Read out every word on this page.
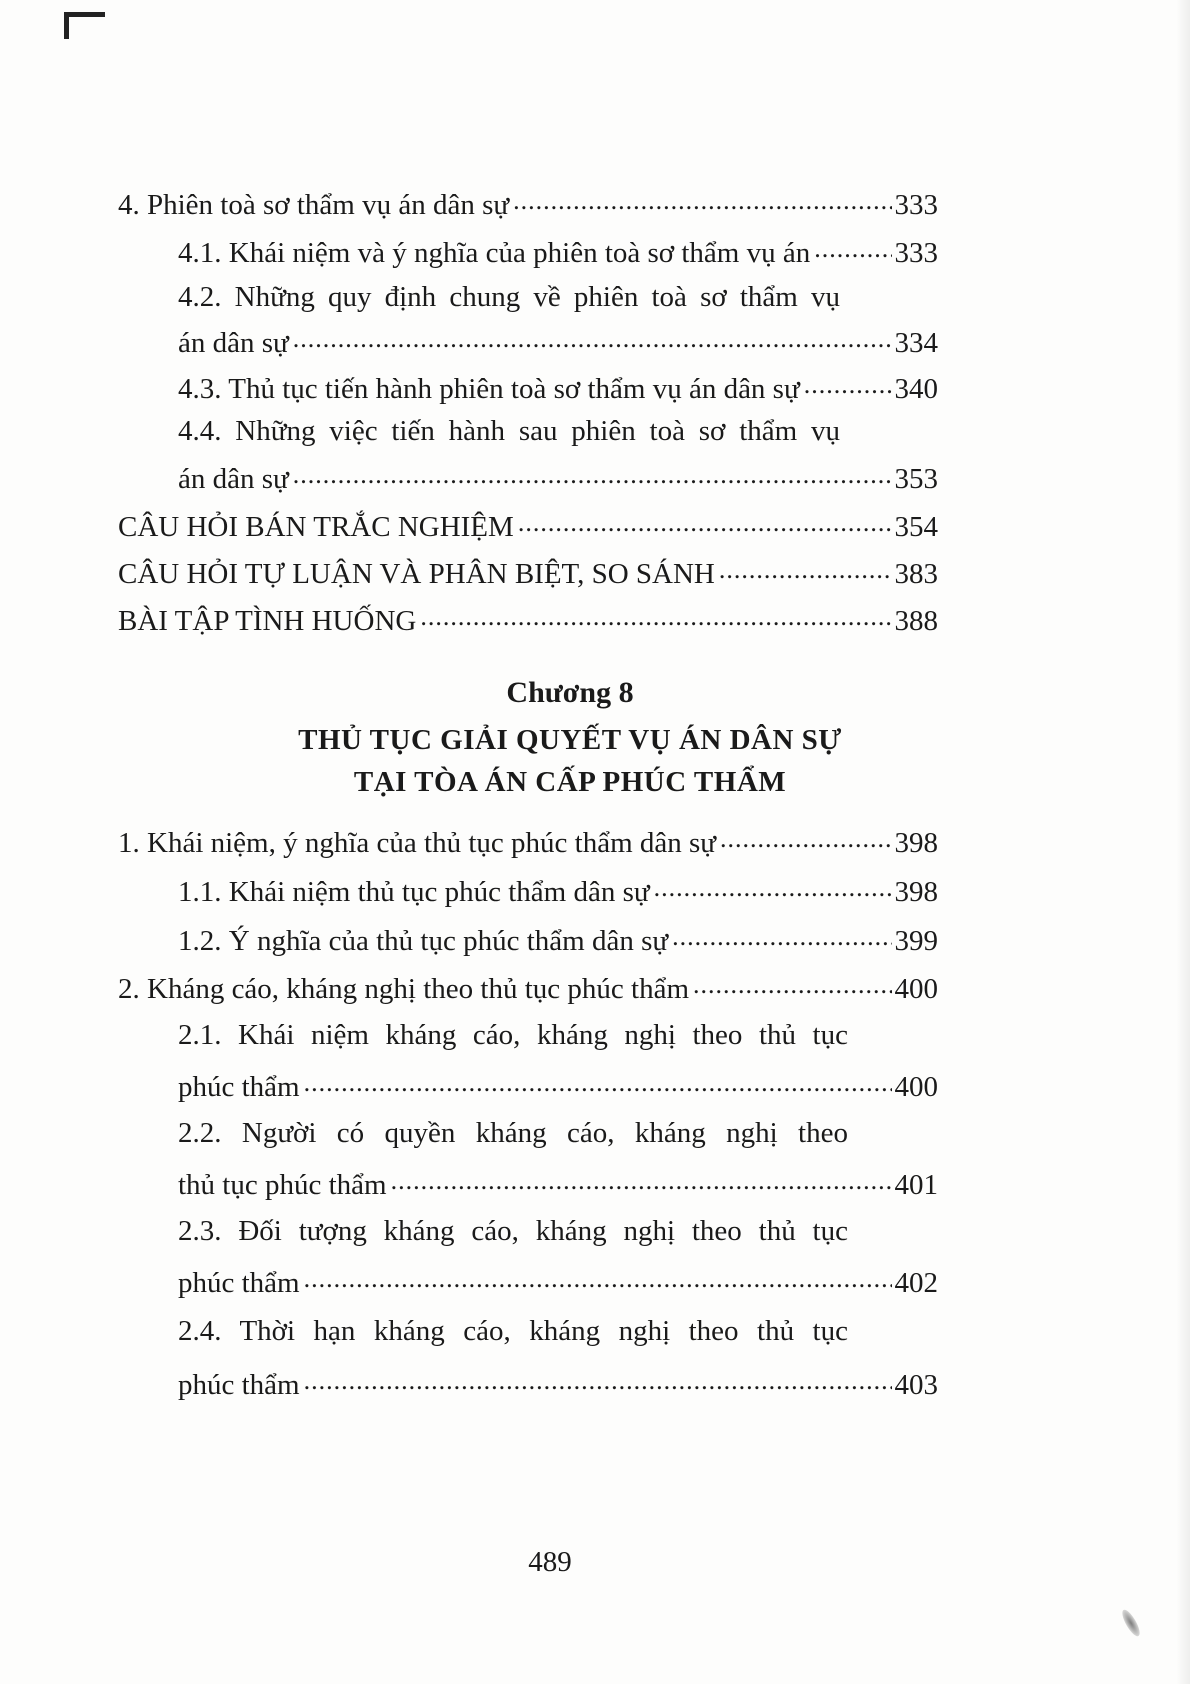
4. Phiên toà sơ thẩm vụ án dân sự .....	333
4.1. Khái niệm và ý nghĩa của phiên toà sơ thẩm vụ án .....	333
4.2. Những quy định chung về phiên toà sơ thẩm vụ
án dân sự .....	334
4.3. Thủ tục tiến hành phiên toà sơ thẩm vụ án dân sự .....	340
4.4. Những việc tiến hành sau phiên toà sơ thẩm vụ
án dân sự .....	353
CÂU HỎI BÁN TRẮC NGHIỆM .....	354
CÂU HỎI TỰ LUẬN VÀ PHÂN BIỆT, SO SÁNH .....	383
BÀI TẬP TÌNH HUỐNG .....	388
Chương 8
THỦ TỤC GIẢI QUYẾT VỤ ÁN DÂN SỰ
TẠI TÒA ÁN CẤP PHÚC THẨM
1. Khái niệm, ý nghĩa của thủ tục phúc thẩm dân sự .....	398
1.1. Khái niệm thủ tục phúc thẩm dân sự .....	398
1.2. Ý nghĩa của thủ tục phúc thẩm dân sự .....	399
2. Kháng cáo, kháng nghị theo thủ tục phúc thẩm .....	400
2.1. Khái niệm kháng cáo, kháng nghị theo thủ tục
phúc thẩm .....	400
2.2. Người có quyền kháng cáo, kháng nghị theo
thủ tục phúc thẩm .....	401
2.3. Đối tượng kháng cáo, kháng nghị theo thủ tục
phúc thẩm .....	402
2.4. Thời hạn kháng cáo, kháng nghị theo thủ tục
phúc thẩm .....	403
489
